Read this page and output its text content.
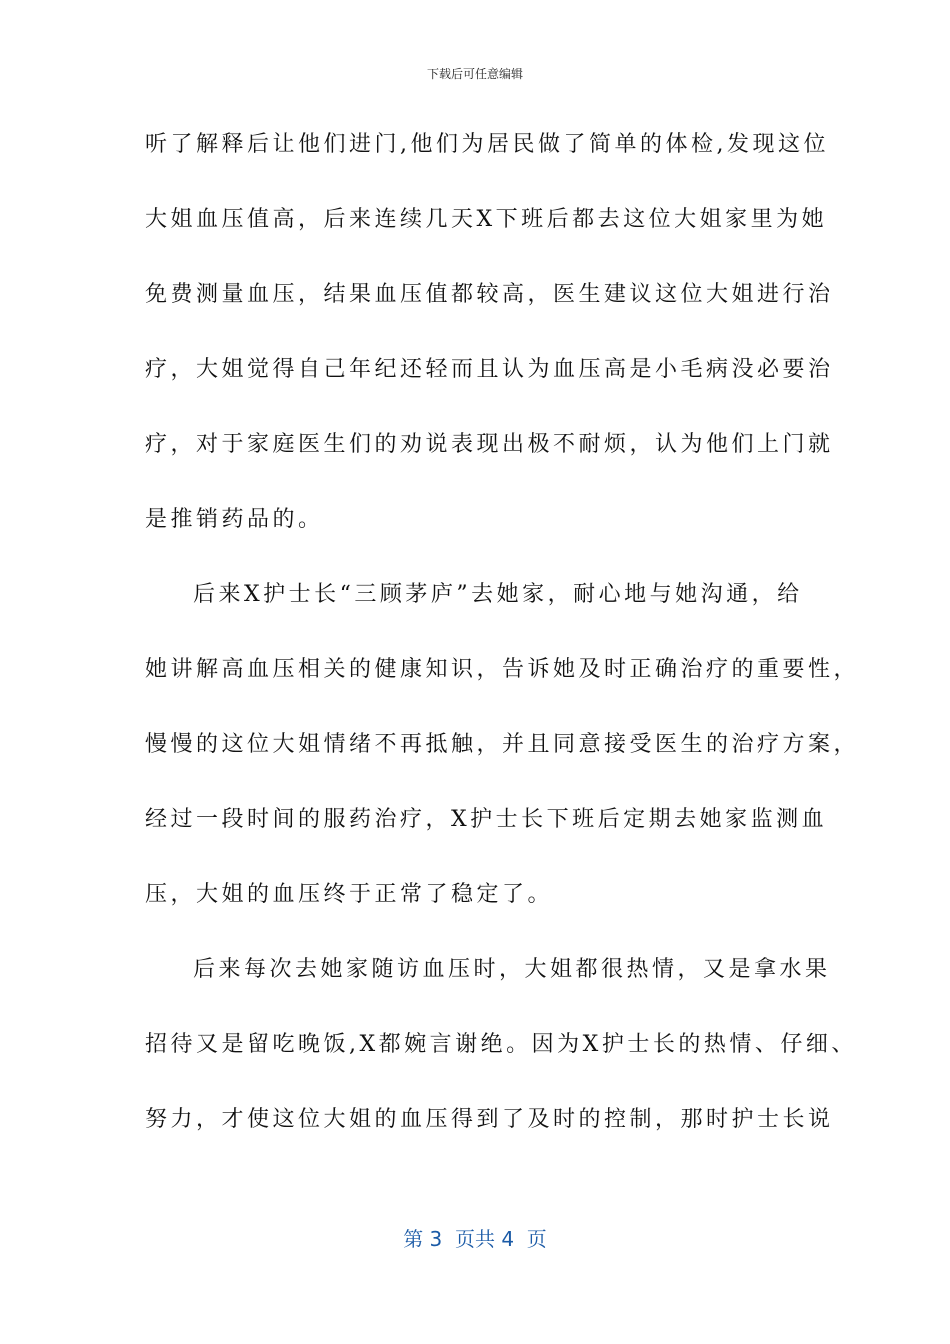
下载后可任意编辑
听了解释后让他们进门,他们为居民做了简单的体检,发现这位
大姐血压值高，后来连续几天X下班后都去这位大姐家里为她
免费测量血压，结果血压值都较高，医生建议这位大姐进行治
疗，大姐觉得自己年纪还轻而且认为血压高是小毛病没必要治
疗，对于家庭医生们的劝说表现出极不耐烦，认为他们上门就
是推销药品的。
后来X护士长“三顾茅庐”去她家，耐心地与她沟通，给
她讲解高血压相关的健康知识，告诉她及时正确治疗的重要性，
慢慢的这位大姐情绪不再抵触，并且同意接受医生的治疗方案，
经过一段时间的服药治疗，X护士长下班后定期去她家监测血
压，大姐的血压终于正常了稳定了。
后来每次去她家随访血压时，大姐都很热情，又是拿水果
招待又是留吃晚饭,X都婉言谢绝。因为X护士长的热情、仔细、
努力，才使这位大姐的血压得到了及时的控制，那时护士长说
第 3  页共 4  页
